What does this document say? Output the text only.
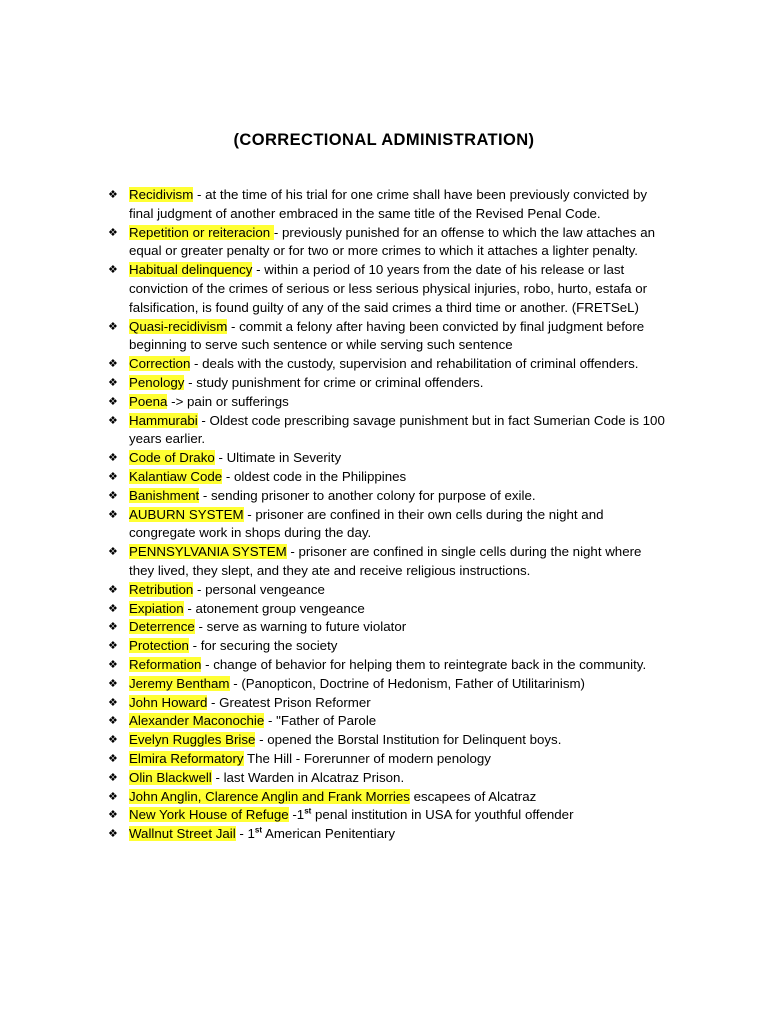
(CORRECTIONAL ADMINISTRATION)
❖ Recidivism - at the time of his trial for one crime shall have been previously convicted by final judgment of another embraced in the same title of the Revised Penal Code.
❖ Repetition or reiteracion - previously punished for an offense to which the law attaches an equal or greater penalty or for two or more crimes to which it attaches a lighter penalty.
❖ Habitual delinquency - within a period of 10 years from the date of his release or last conviction of the crimes of serious or less serious physical injuries, robo, hurto, estafa or falsification, is found guilty of any of the said crimes a third time or another. (FRETSeL)
❖ Quasi-recidivism - commit a felony after having been convicted by final judgment before beginning to serve such sentence or while serving such sentence
❖ Correction - deals with the custody, supervision and rehabilitation of criminal offenders.
❖ Penology - study punishment for crime or criminal offenders.
❖ Poena -> pain or sufferings
❖ Hammurabi - Oldest code prescribing savage punishment but in fact Sumerian Code is 100 years earlier.
❖ Code of Drako - Ultimate in Severity
❖ Kalantiaw Code - oldest code in the Philippines
❖ Banishment - sending prisoner to another colony for purpose of exile.
❖ AUBURN SYSTEM - prisoner are confined in their own cells during the night and congregate work in shops during the day.
❖ PENNSYLVANIA SYSTEM - prisoner are confined in single cells during the night where they lived, they slept, and they ate and receive religious instructions.
❖ Retribution - personal vengeance
❖ Expiation - atonement group vengeance
❖ Deterrence - serve as warning to future violator
❖ Protection - for securing the society
❖ Reformation - change of behavior for helping them to reintegrate back in the community.
❖ Jeremy Bentham - (Panopticon, Doctrine of Hedonism, Father of Utilitarinism)
❖ John Howard - Greatest Prison Reformer
❖ Alexander Maconochie - "Father of Parole
❖ Evelyn Ruggles Brise - opened the Borstal Institution for Delinquent boys.
❖ Elmira Reformatory The Hill - Forerunner of modern penology
❖ Olin Blackwell - last Warden in Alcatraz Prison.
❖ John Anglin, Clarence Anglin and Frank Morries escapees of Alcatraz
❖ New York House of Refuge -1st penal institution in USA for youthful offender
❖ Wallnut Street Jail - 1st American Penitentiary
